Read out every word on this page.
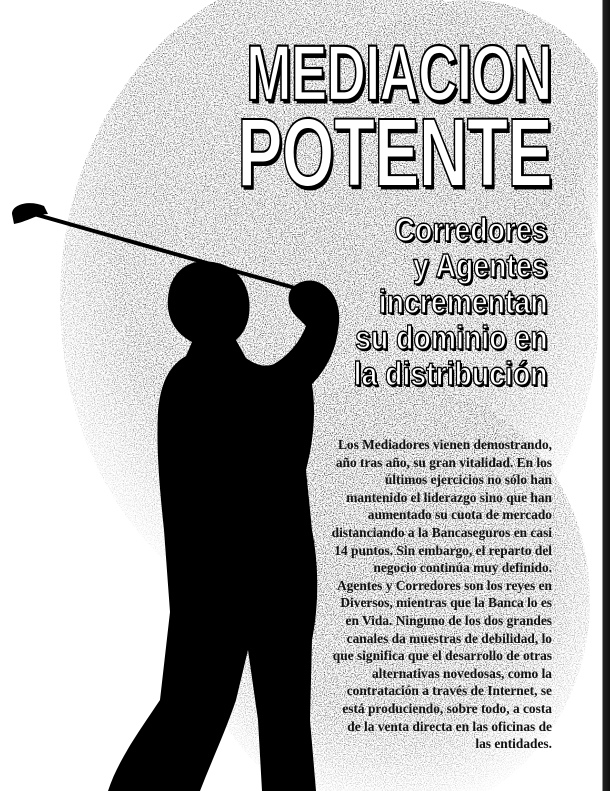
MEDIACION
POTENTE
Corredores
y Agentes
incrementan
su dominio en
la distribución

Los Mediadores vienen demostrando,
año tras año, su gran vitalidad. En los
últimos ejercicios no sólo han
mantenido el liderazgo sino que han
aumentado su cuota de mercado
distanciando a la Bancaseguros en casi
14 puntos. Sin embargo, el reparto del
negocio continúa muy definido.
Agentes y Corredores son los reyes en
Diversos, mientras que la Banca lo es
en Vida. Ninguno de los dos grandes
canales da muestras de debilidad, lo
que significa que el desarrollo de otras
alternativas novedosas, como la
contratación a través de Internet, se
está produciendo, sobre todo, a costa
de la venta directa en las oficinas de
las entidades.
